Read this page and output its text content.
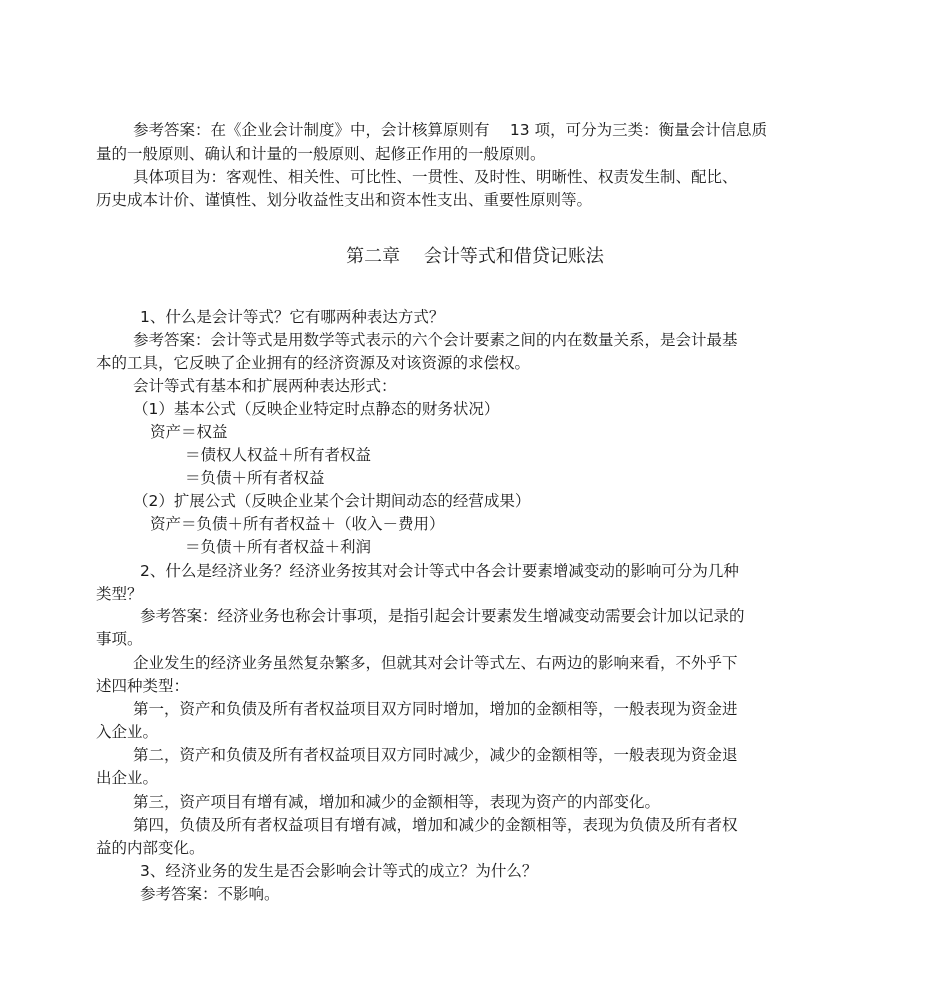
参考答案：在《企业会计制度》中，会计核算原则有　 13 项，可分为三类：衡量会计信息质
量的一般原则、确认和计量的一般原则、起修正作用的一般原则。
具体项目为：客观性、相关性、可比性、一贯性、及时性、明晰性、权责发生制、配比、
历史成本计价、谨慎性、划分收益性支出和资本性支出、重要性原则等。
第二章　 会计等式和借贷记账法
1、什么是会计等式？它有哪两种表达方式？
参考答案：会计等式是用数学等式表示的六个会计要素之间的内在数量关系，是会计最基
本的工具，它反映了企业拥有的经济资源及对该资源的求偿权。
会计等式有基本和扩展两种表达形式：
（1）基本公式（反映企业特定时点静态的财务状况）
资产＝权益
＝债权人权益＋所有者权益
＝负债＋所有者权益
（2）扩展公式（反映企业某个会计期间动态的经营成果）
资产＝负债＋所有者权益＋（收入－费用）
＝负债＋所有者权益＋利润
2、什么是经济业务？经济业务按其对会计等式中各会计要素增减变动的影响可分为几种
类型？
参考答案：经济业务也称会计事项，是指引起会计要素发生增减变动需要会计加以记录的
事项。
企业发生的经济业务虽然复杂繁多，但就其对会计等式左、右两边的影响来看，不外乎下
述四种类型：
第一，资产和负债及所有者权益项目双方同时增加，增加的金额相等，一般表现为资金进
入企业。
第二，资产和负债及所有者权益项目双方同时减少，减少的金额相等，一般表现为资金退
出企业。
第三，资产项目有增有减，增加和减少的金额相等，表现为资产的内部变化。
第四，负债及所有者权益项目有增有减，增加和减少的金额相等，表现为负债及所有者权
益的内部变化。
3、经济业务的发生是否会影响会计等式的成立？为什么？
参考答案：不影响。
